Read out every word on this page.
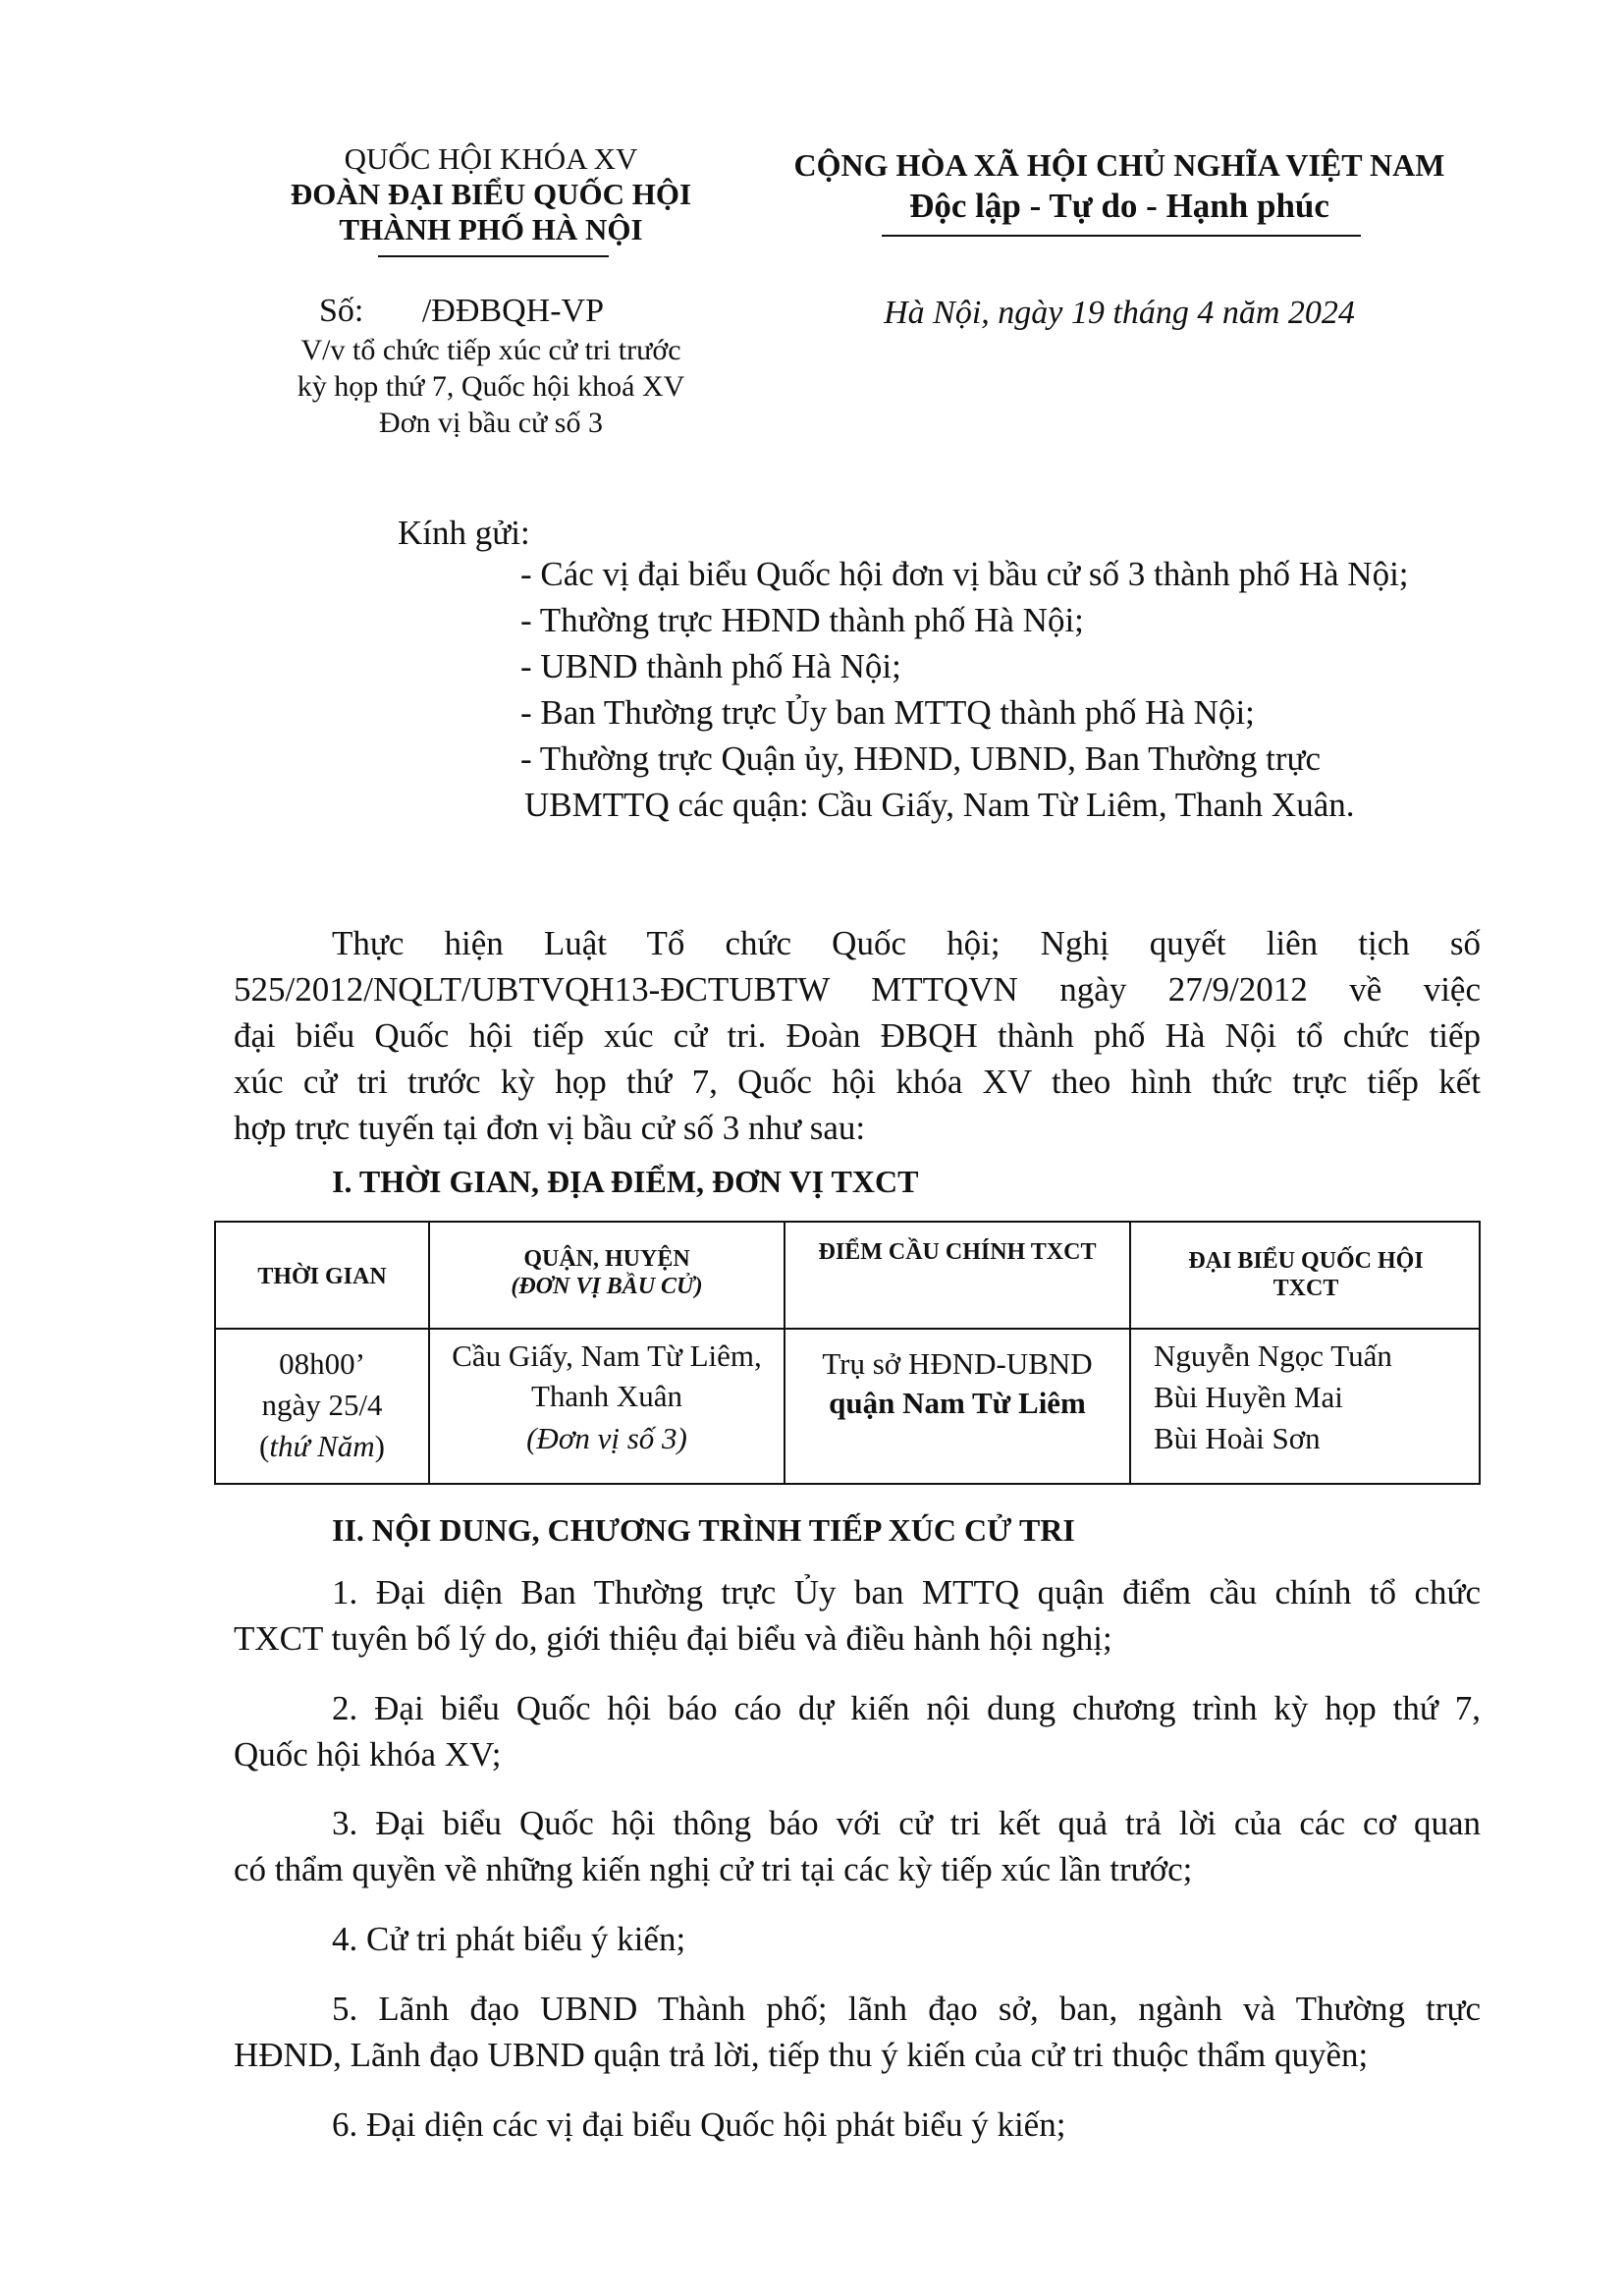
QUỐC HỘI KHÓA XV
ĐOÀN ĐẠI BIỂU QUỐC HỘI
THÀNH PHỐ HÀ NỘI
Số:       /ĐĐBQH-VP
V/v tổ chức tiếp xúc cử tri trước
kỳ họp thứ 7, Quốc hội khoá XV
Đơn vị bầu cử số 3
CỘNG HÒA XÃ HỘI CHỦ NGHĨA VIỆT NAM
Độc lập - Tự do - Hạnh phúc
Hà Nội, ngày 19 tháng 4 năm 2024
Kính gửi:
- Các vị đại biểu Quốc hội đơn vị bầu cử số 3 thành phố Hà Nội;
- Thường trực HĐND thành phố Hà Nội;
- UBND thành phố Hà Nội;
- Ban Thường trực Ủy ban MTTQ thành phố Hà Nội;
- Thường trực Quận ủy, HĐND, UBND, Ban Thường trực
UBMTTQ các quận: Cầu Giấy, Nam Từ Liêm, Thanh Xuân.
Thực hiện Luật Tổ chức Quốc hội; Nghị quyết liên tịch số
525/2012/NQLT/UBTVQH13-ĐCTUBTW MTTQVN ngày 27/9/2012 về việc
đại biểu Quốc hội tiếp xúc cử tri. Đoàn ĐBQH thành phố Hà Nội tổ chức tiếp
xúc cử tri trước kỳ họp thứ 7, Quốc hội khóa XV theo hình thức trực tiếp kết
hợp trực tuyến tại đơn vị bầu cử số 3 như sau:
I. THỜI GIAN, ĐỊA ĐIỂM, ĐƠN VỊ TXCT
THỜI GIAN
QUẬN, HUYỆN
(ĐƠN VỊ BẦU CỬ)
ĐIỂM CẦU CHÍNH TXCT	ĐẠI BIỂU QUỐC HỘI
TXCT
08h00’
ngày 25/4
(thứ Năm)
Cầu Giấy, Nam Từ Liêm,
Thanh Xuân
(Đơn vị số 3)
Trụ sở HĐND-UBND
quận Nam Từ Liêm
Nguyễn Ngọc Tuấn
Bùi Huyền Mai
Bùi Hoài Sơn
II. NỘI DUNG, CHƯƠNG TRÌNH TIẾP XÚC CỬ TRI
1. Đại diện Ban Thường trực Ủy ban MTTQ quận điểm cầu chính tổ chức
TXCT tuyên bố lý do, giới thiệu đại biểu và điều hành hội nghị;
2. Đại biểu Quốc hội báo cáo dự kiến nội dung chương trình kỳ họp thứ 7,
Quốc hội khóa XV;
3. Đại biểu Quốc hội thông báo với cử tri kết quả trả lời của các cơ quan
có thẩm quyền về những kiến nghị cử tri tại các kỳ tiếp xúc lần trước;
4. Cử tri phát biểu ý kiến;
5. Lãnh đạo UBND Thành phố; lãnh đạo sở, ban, ngành và Thường trực
HĐND, Lãnh đạo UBND quận trả lời, tiếp thu ý kiến của cử tri thuộc thẩm quyền;
6. Đại diện các vị đại biểu Quốc hội phát biểu ý kiến;
